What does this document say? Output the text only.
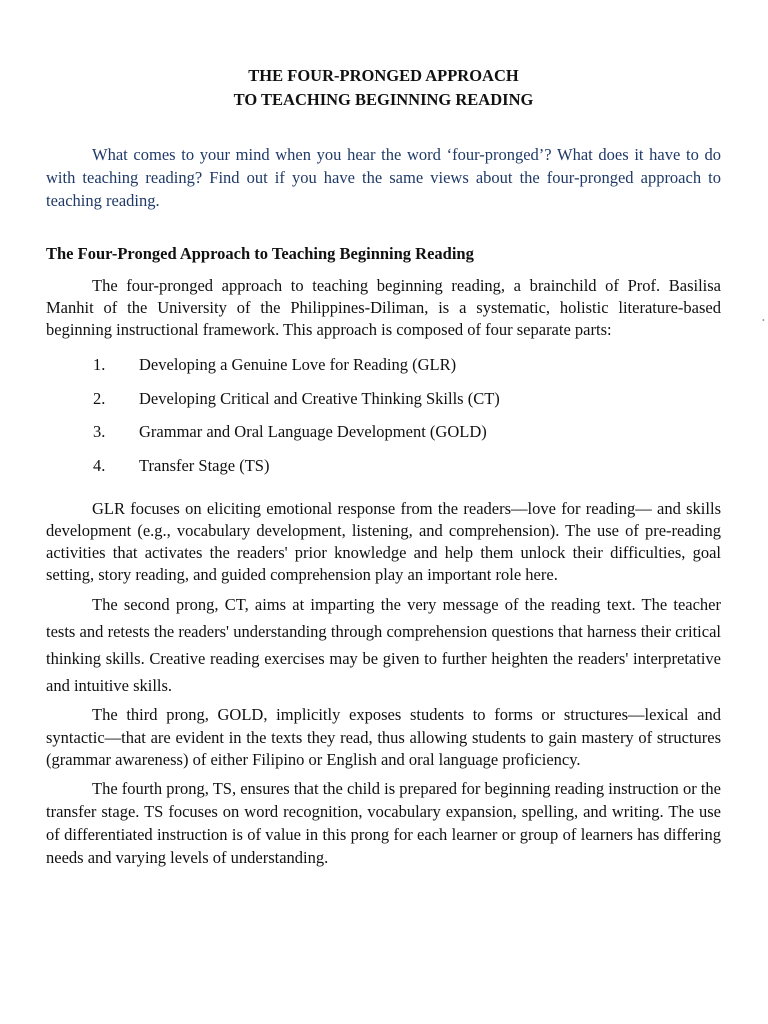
THE FOUR-PRONGED APPROACH
TO TEACHING BEGINNING READING

What comes to your mind when you hear the word ‘four-pronged’? What does it have to do with teaching reading? Find out if you have the same views about the four-pronged approach to teaching reading.

The Four-Pronged Approach to Teaching Beginning Reading

The four-pronged approach to teaching beginning reading, a brainchild of Prof. Basilisa Manhit of the University of the Philippines-Diliman, is a systematic, holistic literature-based beginning instructional framework. This approach is composed of four separate parts:

1.	Developing a Genuine Love for Reading (GLR)
2.	Developing Critical and Creative Thinking Skills (CT)
3.	Grammar and Oral Language Development (GOLD)
4.	Transfer Stage (TS)

GLR focuses on eliciting emotional response from the readers—love for reading— and skills development (e.g., vocabulary development, listening, and comprehension). The use of pre-reading activities that activates the readers' prior knowledge and help them unlock their difficulties, goal setting, story reading, and guided comprehension play an important role here.

The second prong, CT, aims at imparting the very message of the reading text. The teacher tests and retests the readers' understanding through comprehension questions that harness their critical thinking skills. Creative reading exercises may be given to further heighten the readers' interpretative and intuitive skills.

The third prong, GOLD, implicitly exposes students to forms or structures—lexical and syntactic—that are evident in the texts they read, thus allowing students to gain mastery of structures (grammar awareness) of either Filipino or English and oral language proficiency.

The fourth prong, TS, ensures that the child is prepared for beginning reading instruction or the transfer stage. TS focuses on word recognition, vocabulary expansion, spelling, and writing. The use of differentiated instruction is of value in this prong for each learner or group of learners has differing needs and varying levels of understanding.

•
